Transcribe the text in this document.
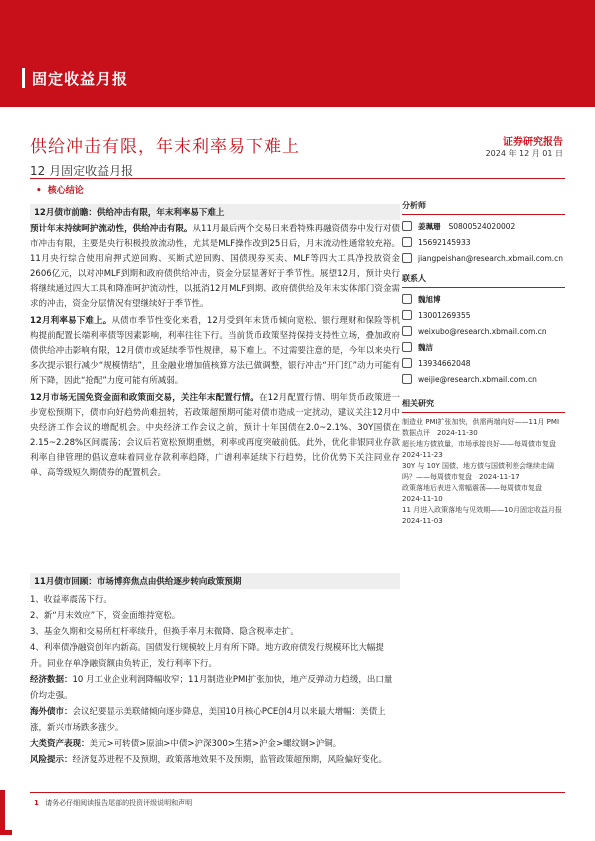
固定收益月报
供给冲击有限，年末利率易下难上	证券研究报告
2024 年 12 月 01 日
12 月固定收益月报
• 核心结论
12月债市前瞻：供给冲击有限，年末利率易下难上
预计年末持续呵护流动性，供给冲击有限。从11月最后两个交易日来看特殊再融资债券中发行对债市冲击有限，主要是央行积极投放流动性，尤其是MLF操作改到25日后，月末流动性通常较充裕。11月央行综合使用肩押式逆回购、买断式逆回购、国债现券买卖、MLF等四大工具净投放资金2606亿元，以对冲MLF到期和政府债供给冲击，资金分层显著好于季节性。展望12月，预计央行将继续通过四大工具和降准呵护流动性，以抵消12月MLF到期、政府债供给及年末实体部门资金需求的冲击，资金分层情况有望继续好于季节性。
12月利率易下难上。从债市季节性变化来看，12月受到年末货币倾向宽松、银行理财和保险等机构提前配置长端利率债等因素影响，利率往往下行。当前货币政策坚持保持支持性立场，叠加政府债供给冲击影响有限，12月债市或延续季节性规律，易下难上。不过需要注意的是，今年以来央行多次提示银行减少“规模情结”，且金融业增加值核算方法已做调整，银行冲击“开门红”动力可能有所下降，因此“抢配”力度可能有所减弱。
12月市场无国免资金面和政策面交易，关注年末配置行情。在12月配置行情、明年货币政策进一步宽松预期下，债市向好趋势尚难扭转，若政策超预期可能对债市造成一定扰动，建议关注12月中央经济工作会议的增配机会。中央经济工作会议之前，预计十年国债在2.0~2.1%、30Y国债在2.15~2.28%区间震荡；会议后若宽松预期重燃，利率或再度突破前低。此外，优化非银同业存款利率自律管理的倡议意味着同业存款利率趋降，广谱利率延续下行趋势，比价优势下关注同业存单、高等级短久期债券的配置机会。
11月债市回顾：市场博弈焦点由供给逐步转向政策预期
1、收益率震荡下行。
2、新“月末效应”下，资金面维持宽松。
3、基金久期和交易所杠杆率续升，但换手率月末微降、隐含税率走扩。
4、利率债净融资创年内新高。国债发行规模较上月有所下降。地方政府债发行规模环比大幅提升。同业存单净融资额由负转正，发行利率下行。
经济数据：10 月工业企业利润降幅收窄；11月制造业PMI扩张加快，地产反弹动力趋缓，出口量价均走强。
海外债市：会议纪要显示美联储倾向逐步降息，美国10月核心PCE创4月以来最大增幅：美债上涨，新兴市场跌多涨少。
大类资产表现：美元>可转债>原油>中债>沪深300>生猪>沪金>螺纹钢>沪铜。
风险提示：经济复苏进程不及预期，政策落地效果不及预期，监管政策超预期，风险偏好变化。
分析师
姜珮珊 S0800524020002
15692145933
jiangpeishan@research.xbmail.com.cn
联系人
魏旭博
13001269355
weixubo@research.xbmail.com.cn
魏洁
13934662048
weijie@research.xbmail.com.cn
相关研究
制造业 PMI扩张加快，供需两端向好——11月 PMI 数据点评　2024-11-30
超长地方债放量，市场承接良好——每周债市复盘　2024-11-23
30Y 与 10Y 国债、地方债与国债利差会继续走阔吗？——每周债市复盘　2024-11-17
政策落地后表进入常幅震荡——每周债市复盘　2024-11-10
11 月进入政策落地与见效期——10月固定收益月报　2024-11-03
1 请务必仔细阅读报告尾部的投资评级说明和声明
